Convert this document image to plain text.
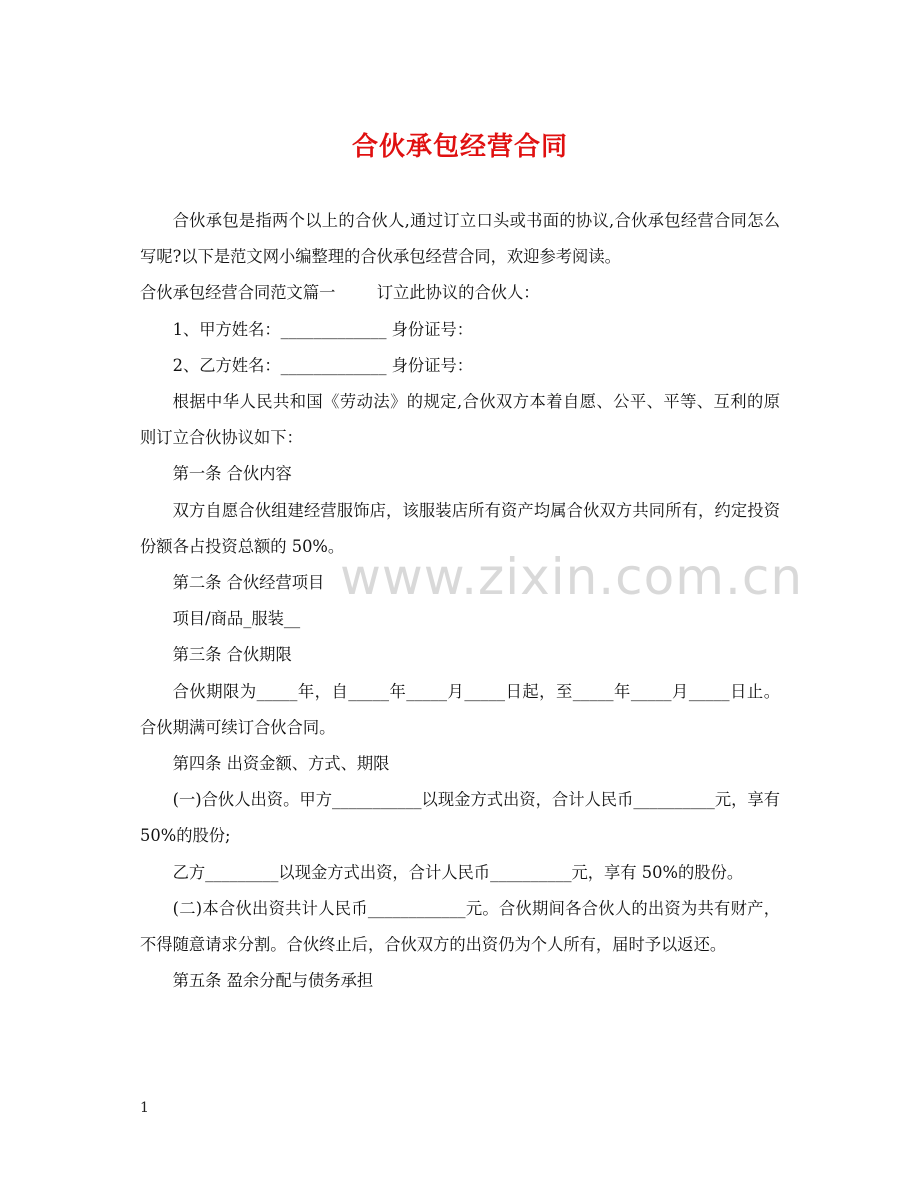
合伙承包经营合同
www.zixin.com.cn

合伙承包是指两个以上的合伙人,通过订立口头或书面的协议,合伙承包经营合同怎么写呢?以下是范文网小编整理的合伙承包经营合同，欢迎参考阅读。

合伙承包经营合同范文篇一        订立此协议的合伙人：

1、甲方姓名：_____________ 身份证号：

2、乙方姓名：_____________ 身份证号：

根据中华人民共和国《劳动法》的规定,合伙双方本着自愿、公平、平等、互利的原则订立合伙协议如下：

第一条 合伙内容

双方自愿合伙组建经营服饰店，该服装店所有资产均属合伙双方共同所有，约定投资份额各占投资总额的 50%。

第二条 合伙经营项目

项目/商品_服装__

第三条 合伙期限

合伙期限为_____年，自_____年_____月_____日起，至_____年_____月_____日止。合伙期满可续订合伙合同。

第四条 出资金额、方式、期限

(一)合伙人出资。甲方___________以现金方式出资，合计人民币__________元，享有 50%的股份;

乙方_________以现金方式出资，合计人民币__________元，享有 50%的股份。

(二)本合伙出资共计人民币____________元。合伙期间各合伙人的出资为共有财产，不得随意请求分割。合伙终止后，合伙双方的出资仍为个人所有，届时予以返还。

第五条 盈余分配与债务承担

1
